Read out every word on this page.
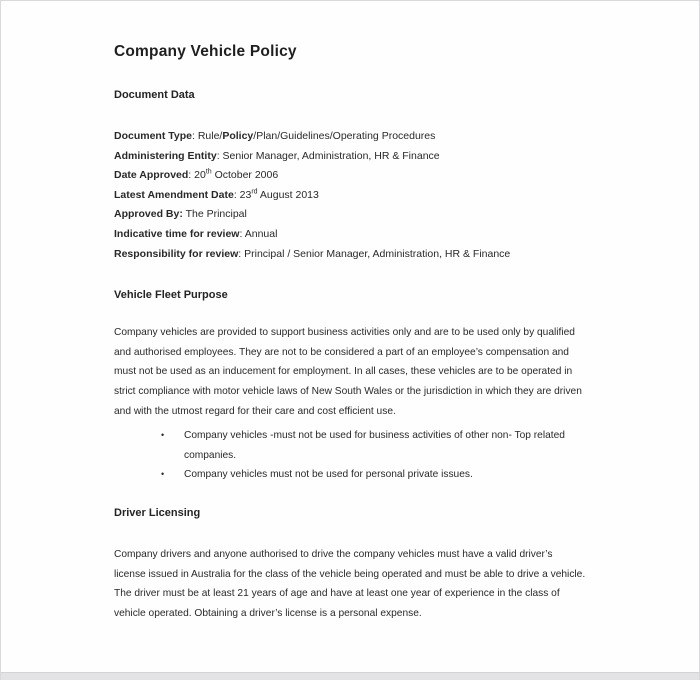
Company Vehicle Policy
Document Data
Document Type: Rule/Policy/Plan/Guidelines/Operating Procedures
Administering Entity: Senior Manager, Administration, HR & Finance
Date Approved: 20th October 2006
Latest Amendment Date: 23rd August 2013
Approved By: The Principal
Indicative time for review: Annual
Responsibility for review: Principal / Senior Manager, Administration, HR & Finance
Vehicle Fleet Purpose

Company vehicles are provided to support business activities only and are to be used only by qualified and authorised employees. They are not to be considered a part of an employee’s compensation and must not be used as an inducement for employment. In all cases, these vehicles are to be operated in strict compliance with motor vehicle laws of New South Wales or the jurisdiction in which they are driven and with the utmost regard for their care and cost efficient use.

•	Company vehicles -must not be used for business activities of other non- Top related companies.
•	Company vehicles must not be used for personal private issues.
Driver Licensing

Company drivers and anyone authorised to drive the company vehicles must have a valid driver’s license issued in Australia for the class of the vehicle being operated and must be able to drive a vehicle. The driver must be at least 21 years of age and have at least one year of experience in the class of vehicle operated. Obtaining a driver’s license is a personal expense.
